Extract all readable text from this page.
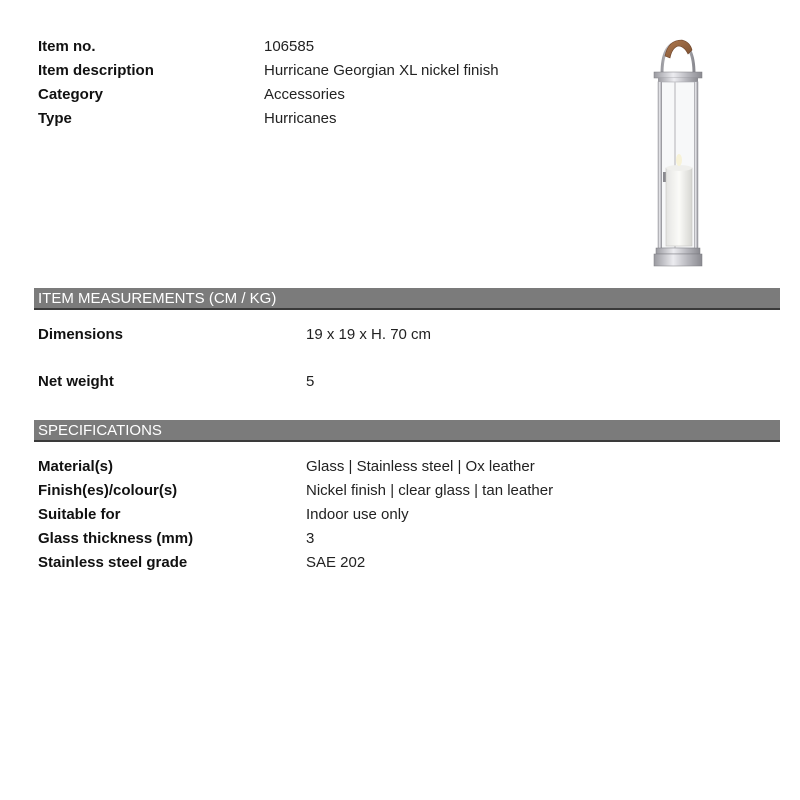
Item no.	106585
Item description	Hurricane Georgian XL nickel finish
Category	Accessories
Type	Hurricanes
ITEM MEASUREMENTS (CM / KG)
Dimensions	19 x 19 x H. 70 cm
Net weight	5
SPECIFICATIONS
Material(s)	Glass | Stainless steel | Ox leather
Finish(es)/colour(s)	Nickel finish | clear glass | tan leather
Suitable for	Indoor use only
Glass thickness (mm)	3
Stainless steel grade	SAE 202
